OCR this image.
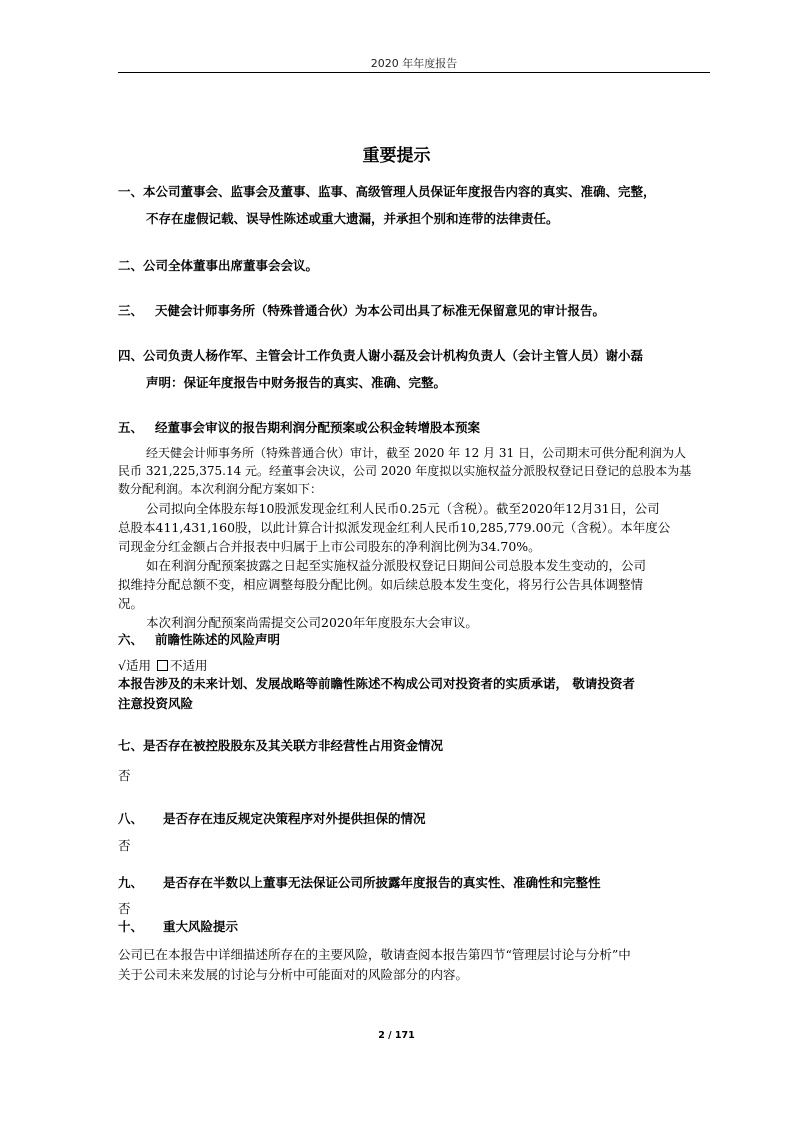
2020 年年度报告
重要提示
一、本公司董事会、监事会及董事、监事、高级管理人员保证年度报告内容的真实、准确、完整，
不存在虚假记载、误导性陈述或重大遗漏，并承担个别和连带的法律责任。
二、公司全体董事出席董事会会议。
三、 天健会计师事务所（特殊普通合伙）为本公司出具了标准无保留意见的审计报告。
四、公司负责人杨作军、主管会计工作负责人谢小磊及会计机构负责人（会计主管人员）谢小磊
声明：保证年度报告中财务报告的真实、准确、完整。
五、 经董事会审议的报告期利润分配预案或公积金转增股本预案
经天健会计师事务所（特殊普通合伙）审计，截至 2020 年 12 月 31 日，公司期末可供分配利润为人
民币 321,225,375.14 元。经董事会决议，公司 2020 年度拟以实施权益分派股权登记日登记的总股本为基
数分配利润。本次利润分配方案如下：
公司拟向全体股东每10股派发现金红利人民币0.25元（含税）。截至2020年12月31日，公司
总股本411,431,160股，以此计算合计拟派发现金红利人民币10,285,779.00元（含税）。本年度公
司现金分红金额占合并报表中归属于上市公司股东的净利润比例为34.70%。
如在利润分配预案披露之日起至实施权益分派股权登记日期间公司总股本发生变动的，公司
拟维持分配总额不变，相应调整每股分配比例。如后续总股本发生变化，将另行公告具体调整情
况。
本次利润分配预案尚需提交公司2020年年度股东大会审议。
六、 前瞻性陈述的风险声明
√适用 不适用
本报告涉及的未来计划、发展战略等前瞻性陈述不构成公司对投资者的实质承诺， 敬请投资者
注意投资风险
七、是否存在被控股股东及其关联方非经营性占用资金情况
否
八、 是否存在违反规定决策程序对外提供担保的情况
否
九、 是否存在半数以上董事无法保证公司所披露年度报告的真实性、准确性和完整性
否
十、 重大风险提示
公司已在本报告中详细描述所存在的主要风险，敬请查阅本报告第四节“管理层讨论与分析”中
关于公司未来发展的讨论与分析中可能面对的风险部分的内容。
2 / 171
